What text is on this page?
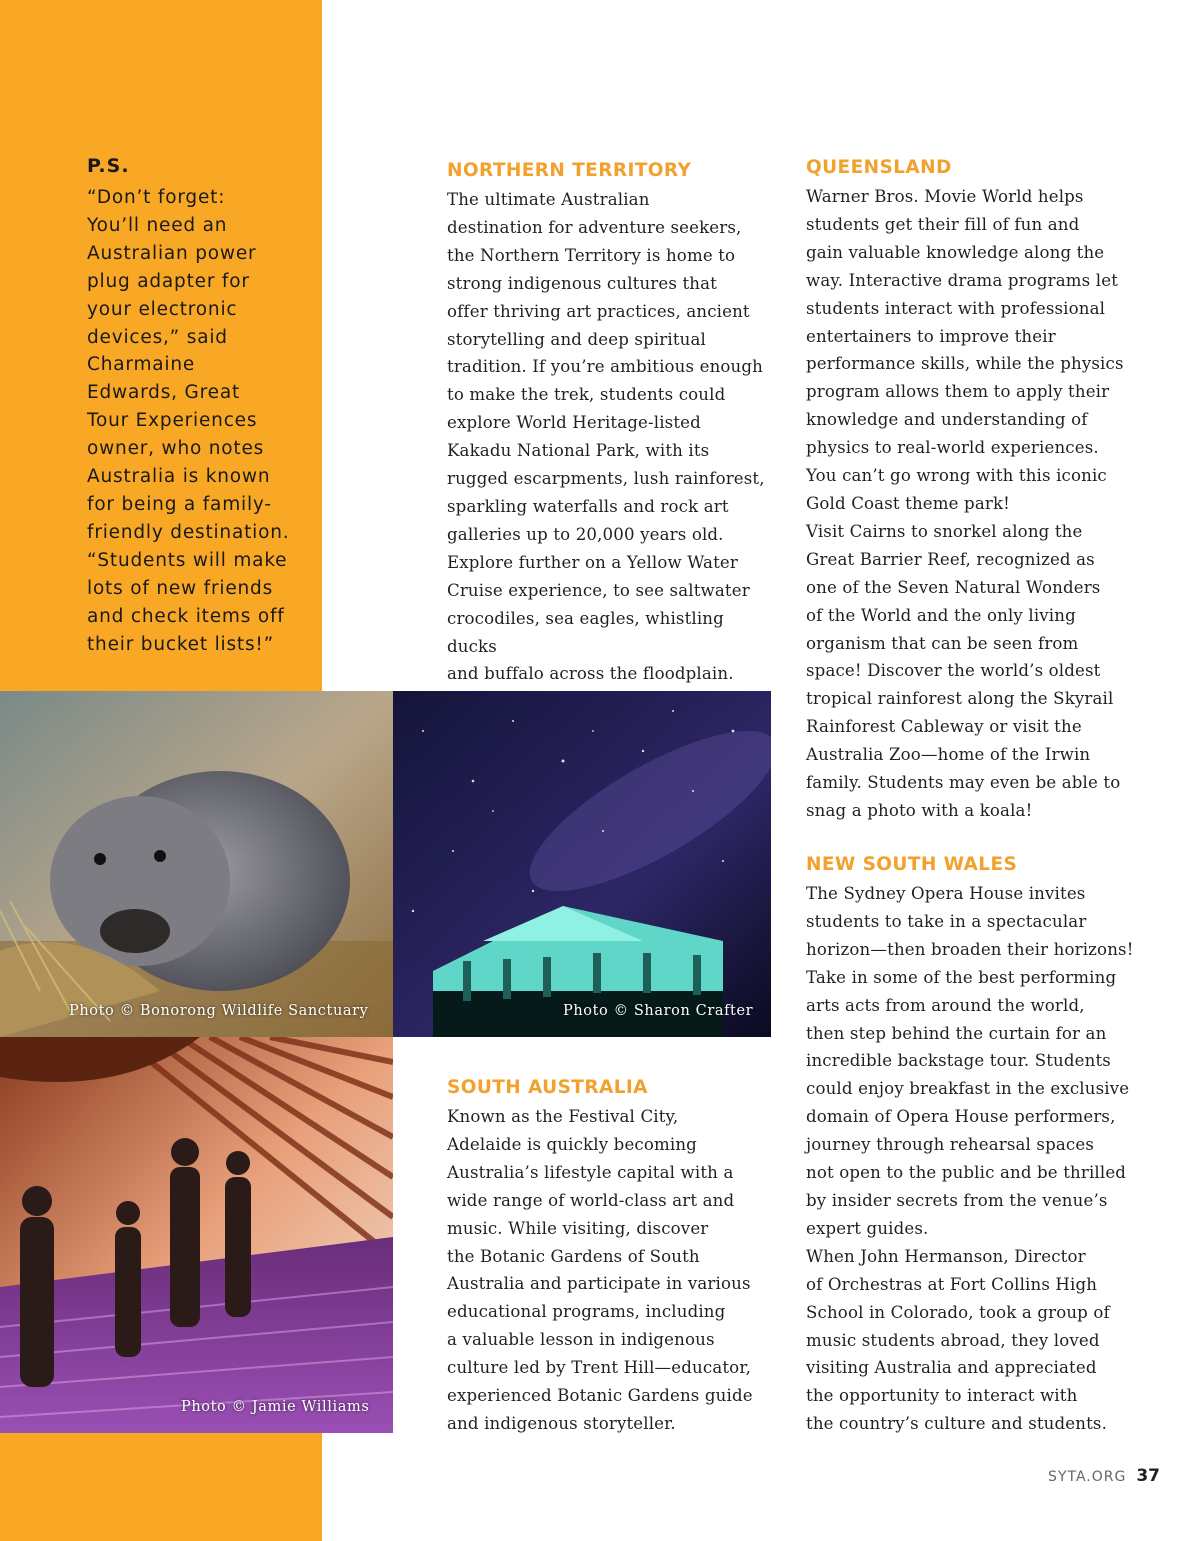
P.S.

“Don’t forget:
You’ll need an
Australian power
plug adapter for
your electronic
devices,” said
Charmaine
Edwards, Great
Tour Experiences
owner, who notes
Australia is known
for being a family-
friendly destination.
“Students will make
lots of new friends
and check items off
their bucket lists!”

Photo © Bonorong Wildlife Sanctuary	Photo © Sharon Crafter
Photo © Jamie Williams
NORTHERN TERRITORY

The ultimate Australian
destination for adventure seekers,
the Northern Territory is home to
strong indigenous cultures that
offer thriving art practices, ancient
storytelling and deep spiritual
tradition. If you’re ambitious enough
to make the trek, students could
explore World Heritage-listed
Kakadu National Park, with its
rugged escarpments, lush rainforest,
sparkling waterfalls and rock art
galleries up to 20,000 years old.
Explore further on a Yellow Water
Cruise experience, to see saltwater
crocodiles, sea eagles, whistling ducks
and buffalo across the floodplain.

SOUTH AUSTRALIA

Known as the Festival City,
Adelaide is quickly becoming
Australia’s lifestyle capital with a
wide range of world-class art and
music. While visiting, discover
the Botanic Gardens of South
Australia and participate in various
educational programs, including
a valuable lesson in indigenous
culture led by Trent Hill—educator,
experienced Botanic Gardens guide
and indigenous storyteller.

QUEENSLAND

Warner Bros. Movie World helps
students get their fill of fun and
gain valuable knowledge along the
way. Interactive drama programs let
students interact with professional
entertainers to improve their
performance skills, while the physics
program allows them to apply their
knowledge and understanding of
physics to real-world experiences.
You can’t go wrong with this iconic
Gold Coast theme park!
Visit Cairns to snorkel along the
Great Barrier Reef, recognized as
one of the Seven Natural Wonders
of the World and the only living
organism that can be seen from
space! Discover the world’s oldest
tropical rainforest along the Skyrail
Rainforest Cableway or visit the
Australia Zoo—home of the Irwin
family. Students may even be able to
snag a photo with a koala!

NEW SOUTH WALES

The Sydney Opera House invites
students to take in a spectacular
horizon—then broaden their horizons!
Take in some of the best performing
arts acts from around the world,
then step behind the curtain for an
incredible backstage tour. Students
could enjoy breakfast in the exclusive
domain of Opera House performers,
journey through rehearsal spaces
not open to the public and be thrilled
by insider secrets from the venue’s
expert guides.
When John Hermanson, Director
of Orchestras at Fort Collins High
School in Colorado, took a group of
music students abroad, they loved
visiting Australia and appreciated
the opportunity to interact with
the country’s culture and students.

SYTA.ORG 37
